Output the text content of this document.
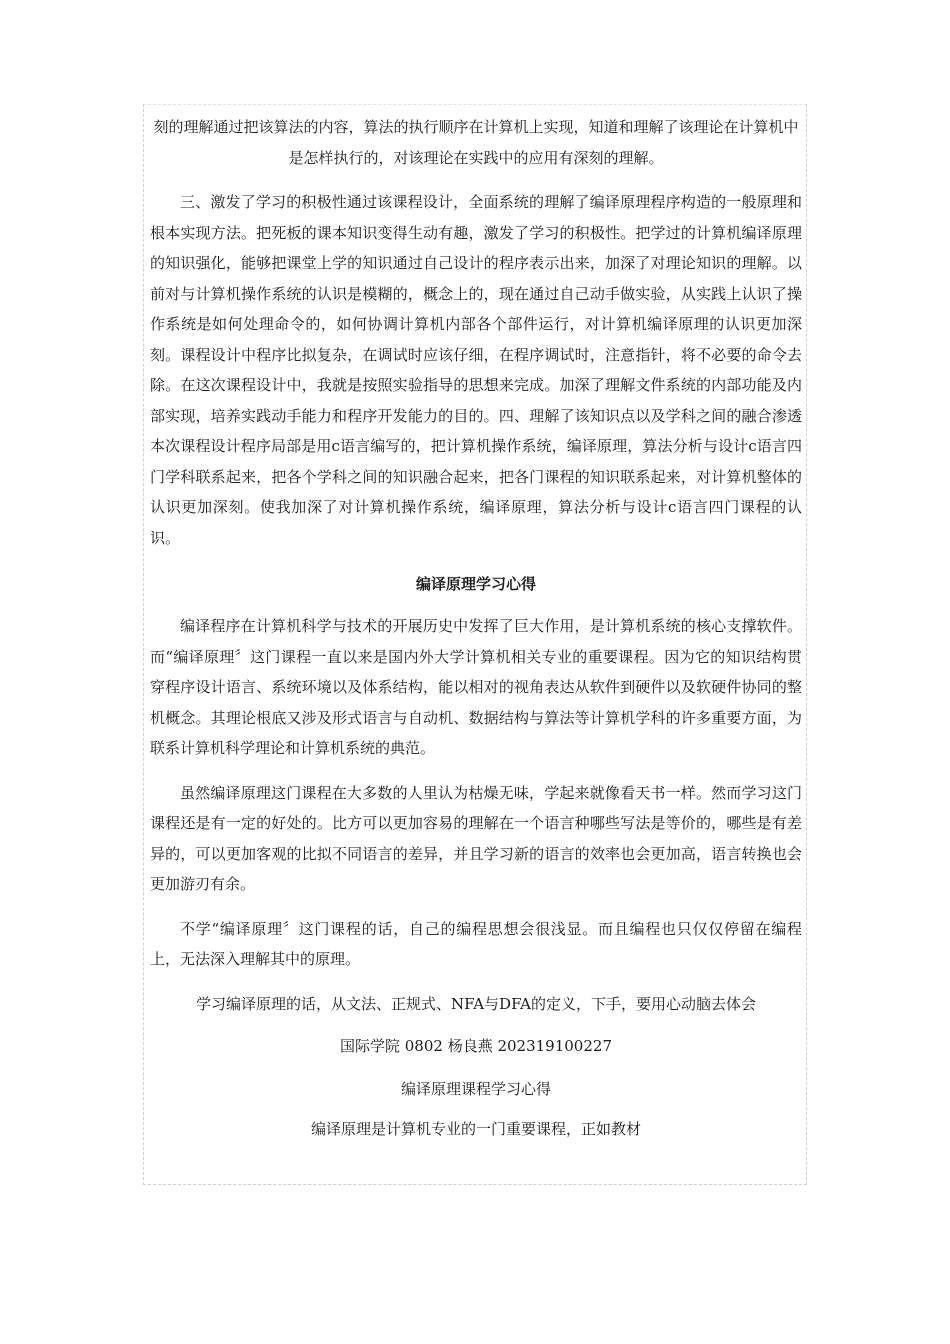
刻的理解通过把该算法的内容，算法的执行顺序在计算机上实现，知道和理解了该理论在计算机中是怎样执行的，对该理论在实践中的应用有深刻的理解。

三、激发了学习的积极性通过该课程设计，全面系统的理解了编译原理程序构造的一般原理和根本实现方法。把死板的课本知识变得生动有趣，激发了学习的积极性。把学过的计算机编译原理的知识强化，能够把课堂上学的知识通过自己设计的程序表示出来，加深了对理论知识的理解。以前对与计算机操作系统的认识是模糊的，概念上的，现在通过自己动手做实验，从实践上认识了操作系统是如何处理命令的，如何协调计算机内部各个部件运行，对计算机编译原理的认识更加深刻。课程设计中程序比拟复杂，在调试时应该仔细，在程序调试时，注意指针，将不必要的命令去除。在这次课程设计中，我就是按照实验指导的思想来完成。加深了理解文件系统的内部功能及内部实现，培养实践动手能力和程序开发能力的目的。四、理解了该知识点以及学科之间的融合渗透本次课程设计程序局部是用c语言编写的，把计算机操作系统，编译原理，算法分析与设计c语言四门学科联系起来，把各个学科之间的知识融合起来，把各门课程的知识联系起来，对计算机整体的认识更加深刻。使我加深了对计算机操作系统，编译原理，算法分析与设计c语言四门课程的认识。

编译原理学习心得

编译程序在计算机科学与技术的开展历史中发挥了巨大作用，是计算机系统的核心支撑软件。而“编译原理〞这门课程一直以来是国内外大学计算机相关专业的重要课程。因为它的知识结构贯穿程序设计语言、系统环境以及体系结构，能以相对的视角表达从软件到硬件以及软硬件协同的整机概念。其理论根底又涉及形式语言与自动机、数据结构与算法等计算机学科的许多重要方面，为联系计算机科学理论和计算机系统的典范。

虽然编译原理这门课程在大多数的人里认为枯燥无味，学起来就像看天书一样。然而学习这门课程还是有一定的好处的。比方可以更加容易的理解在一个语言种哪些写法是等价的，哪些是有差异的，可以更加客观的比拟不同语言的差异，并且学习新的语言的效率也会更加高，语言转换也会更加游刃有余。

不学“编译原理〞这门课程的话，自己的编程思想会很浅显。而且编程也只仅仅停留在编程上，无法深入理解其中的原理。

学习编译原理的话，从文法、正规式、NFA与DFA的定义，下手，要用心动脑去体会

国际学院 0802 杨良燕 202319100227

编译原理课程学习心得

编译原理是计算机专业的一门重要课程，正如教材
